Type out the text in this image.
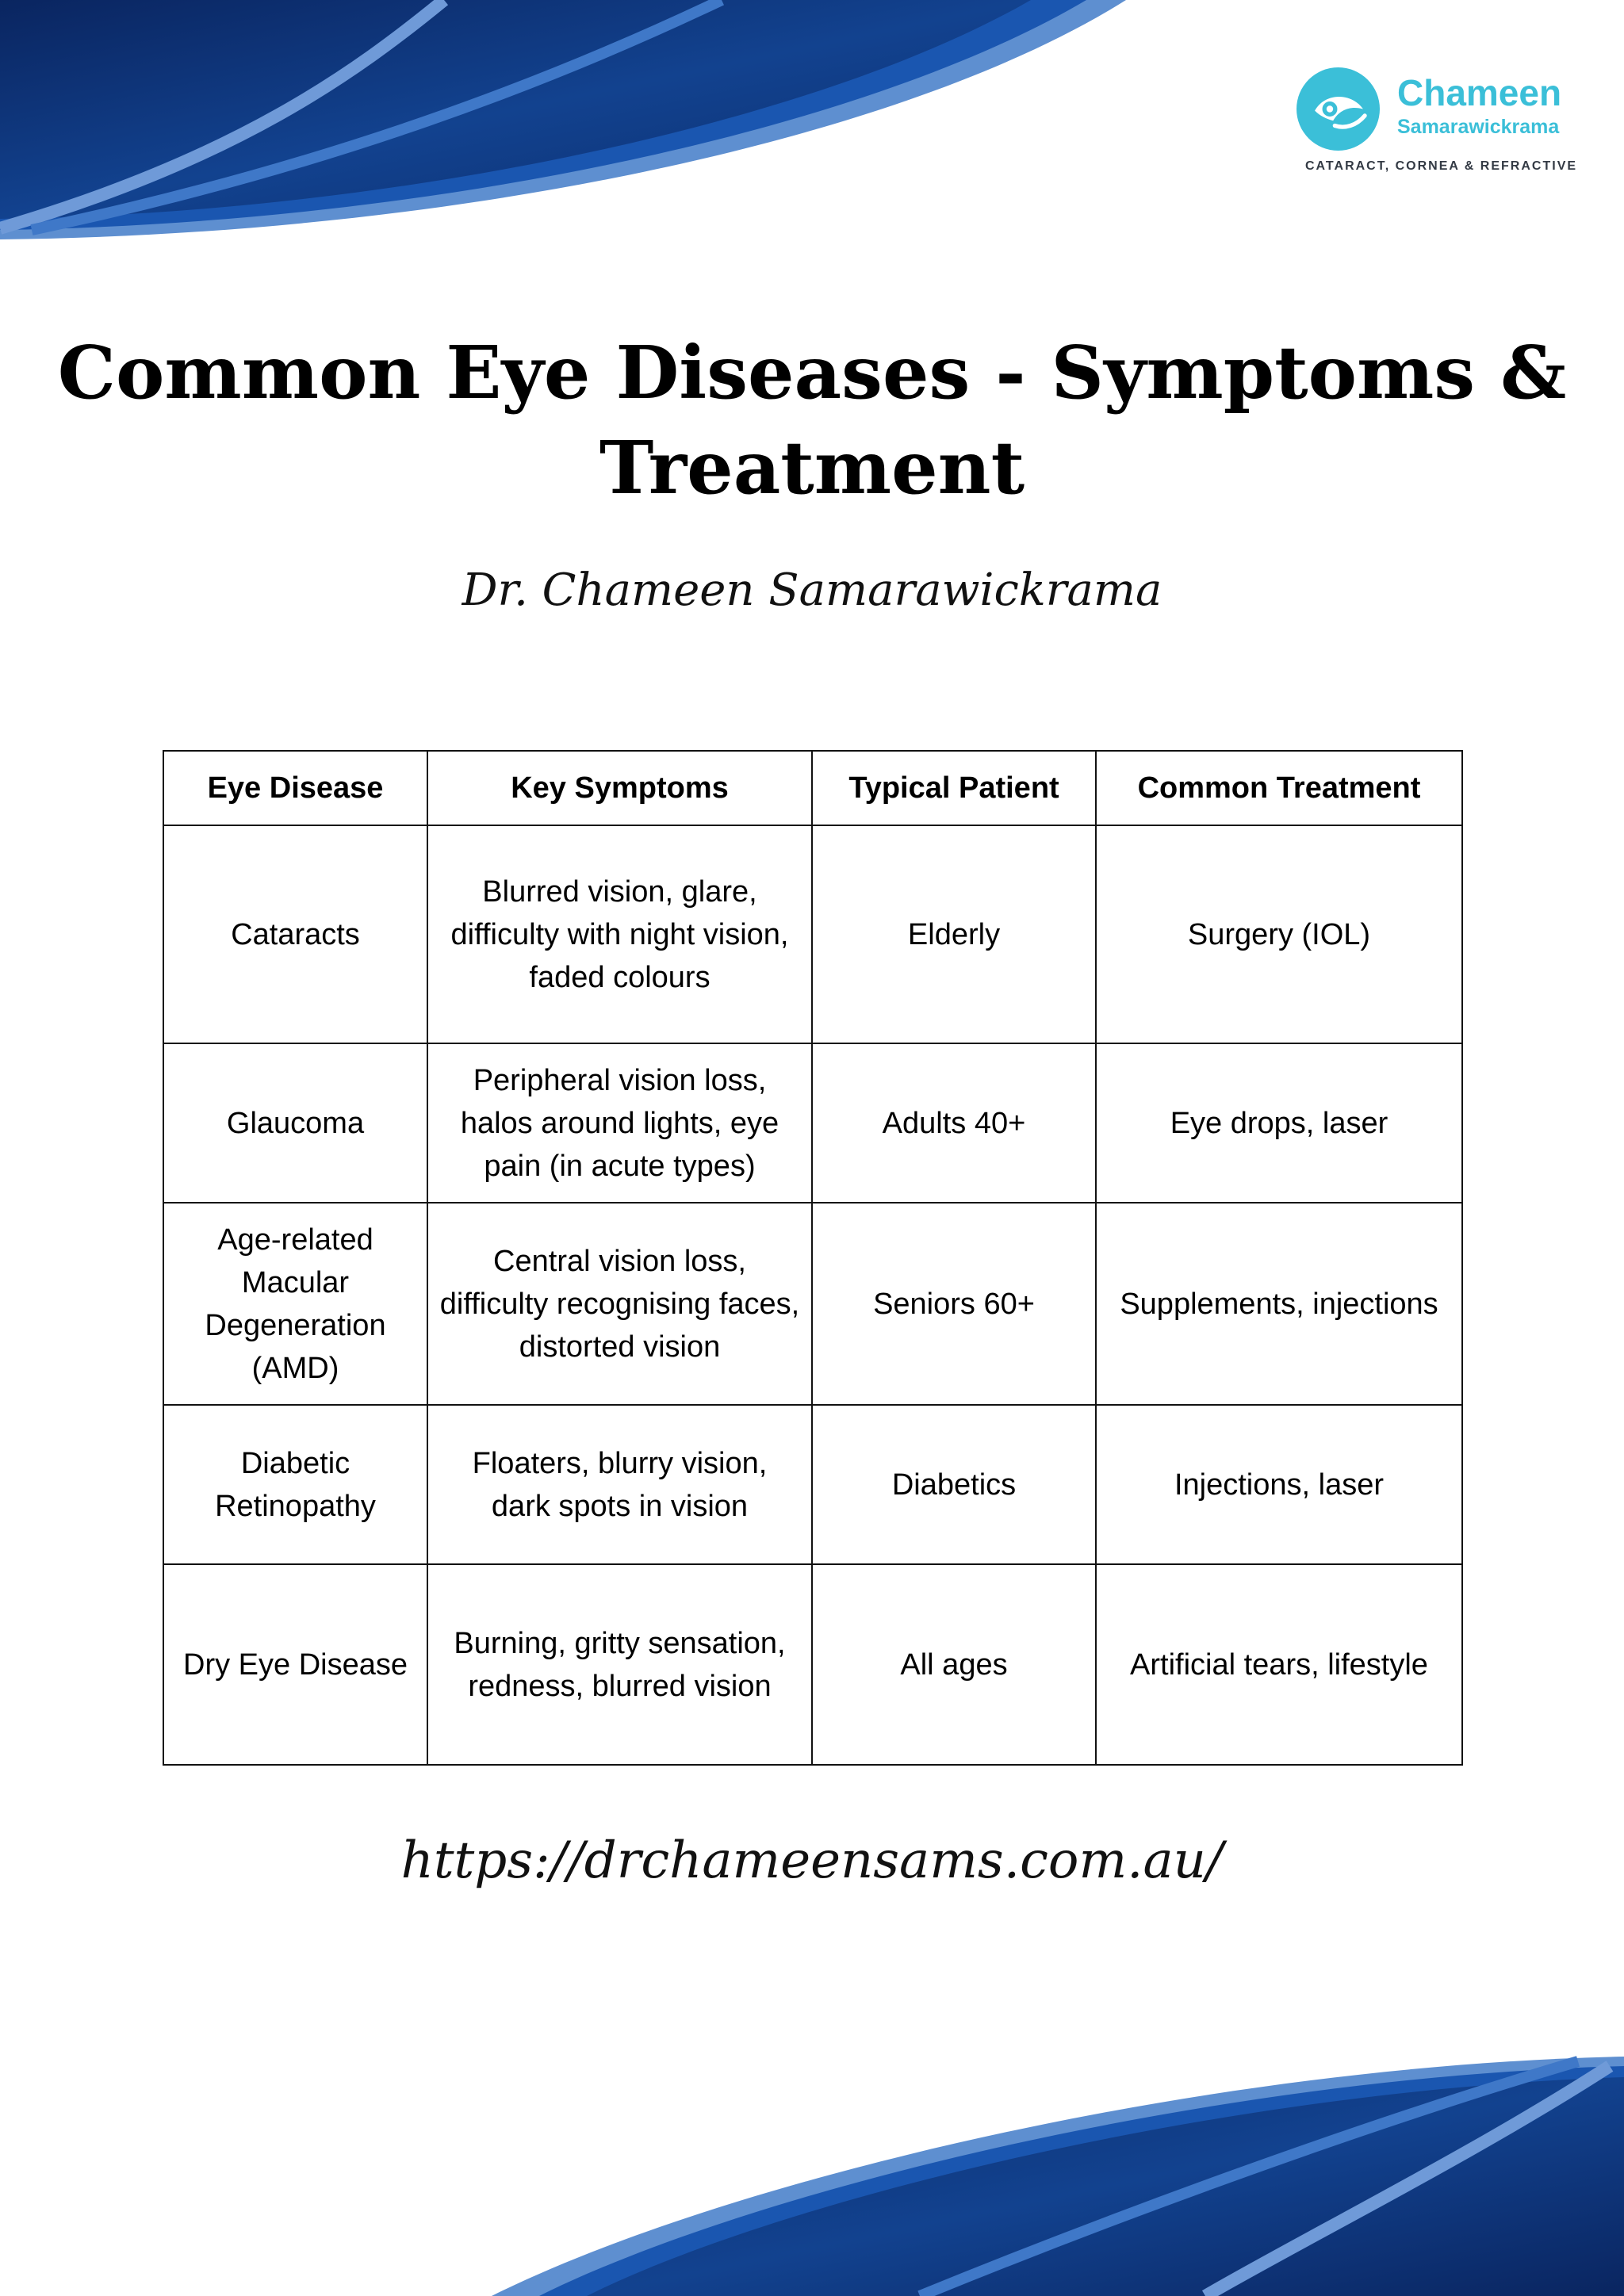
Chameen
Samarawickrama
CATARACT, CORNEA & REFRACTIVE
Common Eye Diseases - Symptoms & Treatment
Dr. Chameen Samarawickrama
Eye Disease	Key Symptoms	Typical Patient	Common Treatment
Cataracts	Blurred vision, glare, difficulty with night vision, faded colours	Elderly	Surgery (IOL)
Glaucoma	Peripheral vision loss, halos around lights, eye pain (in acute types)	Adults 40+	Eye drops, laser
Age-related Macular Degeneration (AMD)	Central vision loss, difficulty recognising faces, distorted vision	Seniors 60+	Supplements, injections
Diabetic Retinopathy	Floaters, blurry vision, dark spots in vision	Diabetics	Injections, laser
Dry Eye Disease	Burning, gritty sensation, redness, blurred vision	All ages	Artificial tears, lifestyle
https://drchameensams.com.au/
